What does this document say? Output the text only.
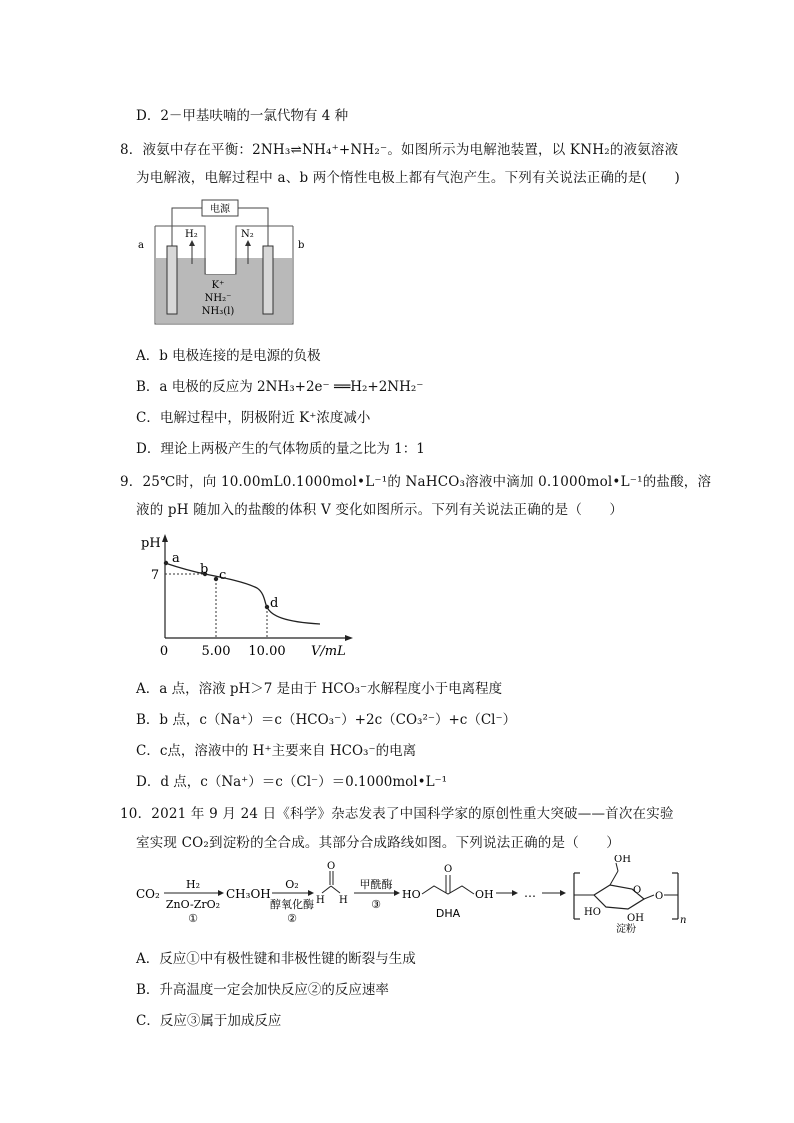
D．2－甲基呋喃的一氯代物有 4 种
8．液氨中存在平衡：2NH₃⇌NH₄⁺+NH₂⁻。如图所示为电解池装置，以 KNH₂的液氨溶液
为电解液，电解过程中 a、b 两个惰性电极上都有气泡产生。下列有关说法正确的是(　　)
电源
a	b
H₂	N₂
K⁺
NH₂⁻
NH₃(l)
A．b 电极连接的是电源的负极
B．a 电极的反应为 2NH₃+2e⁻ ══H₂+2NH₂⁻
C．电解过程中，阴极附近 K⁺浓度减小
D．理论上两极产生的气体物质的量之比为 1：1
9．25℃时，向 10.00mL0.1000mol•L⁻¹的 NaHCO₃溶液中滴加 0.1000mol•L⁻¹的盐酸，溶
液的 pH 随加入的盐酸的体积 V 变化如图所示。下列有关说法正确的是（　　）
pH
a
b c
d
7
0	5.00 10.00 V/mL
A．a 点，溶液 pH＞7 是由于 HCO₃⁻水解程度小于电离程度
B．b 点，c（Na⁺）＝c（HCO₃⁻）+2c（CO₃²⁻）+c（Cl⁻）
C．c点，溶液中的 H⁺主要来自 HCO₃⁻的电离
D．d 点，c（Na⁺）＝c（Cl⁻）＝0.1000mol•L⁻¹
10．2021 年 9 月 24 日《科学》杂志发表了中国科学家的原创性重大突破——首次在实验
室实现 CO₂到淀粉的全合成。其部分合成路线如图。下列说法正确的是（　　）
CO₂
H₂
ZnO-ZrO₂
①
CH₃OH
O₂
醇氧化酶
②
O
H H
甲酰酶
③
HO
O
OH
DHA
…
OH
O
HO
OH
O
n
淀粉
A．反应①中有极性键和非极性键的断裂与生成
B．升高温度一定会加快反应②的反应速率
C．反应③属于加成反应
